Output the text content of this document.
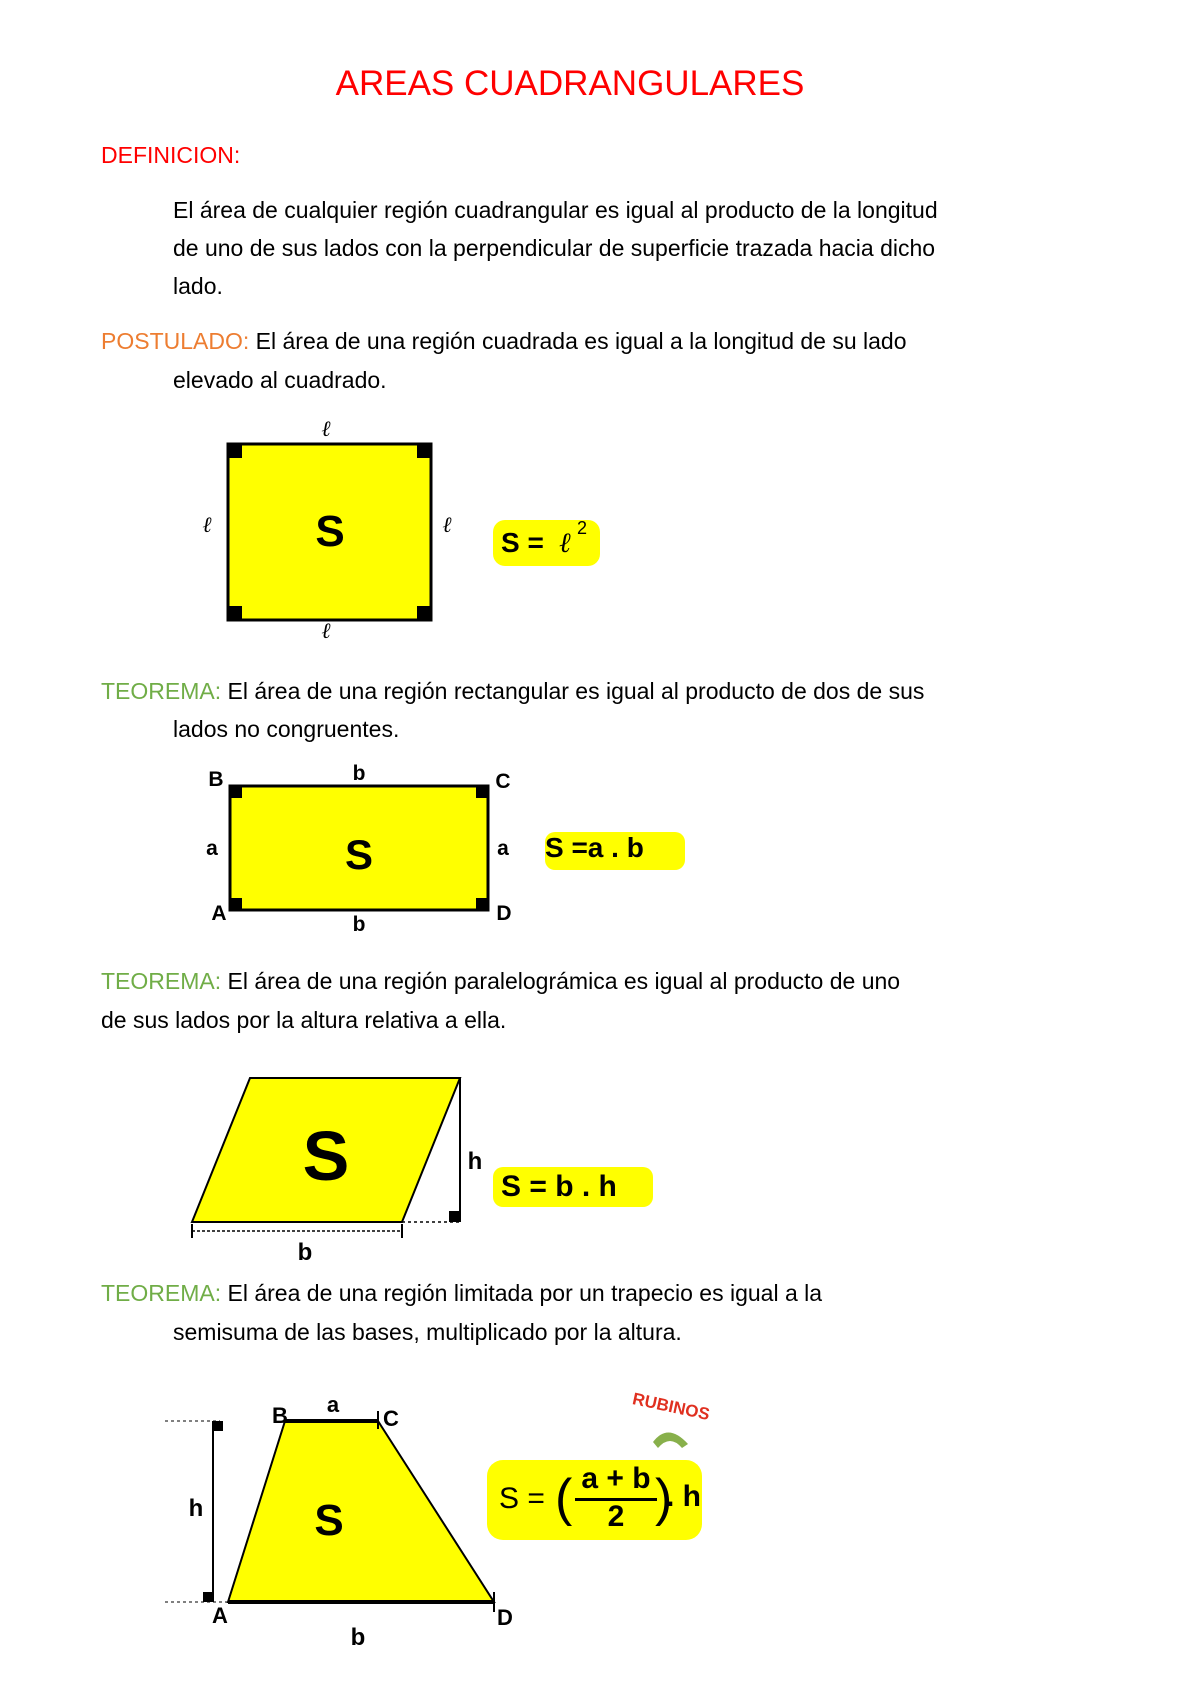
AREAS CUADRANGULARES
DEFINICION:
El área de cualquier región cuadrangular es igual al producto de la longitud
de uno de sus lados con la perpendicular de superficie trazada hacia dicho
lado.
POSTULADO: El área de una región cuadrada es igual a la longitud de su lado
elevado al cuadrado.
ℓ
ℓ
ℓ	ℓ
S	S = ℓ 2
TEOREMA: El área de una región rectangular es igual al producto de dos de sus
lados no congruentes.
B	C
A	D
b
b
a	a
S	S =a . b
TEOREMA: El área de una región paralelográmica es igual al producto de uno
de sus lados por la altura relativa a ella.
b
h
S	S = b . h
TEOREMA: El área de una región limitada por un trapecio es igual a la
semisuma de las bases, multiplicado por la altura.
B	C
A	D
a
b
h	S
RUBINOS
S = ( a + b
2 )
. h
